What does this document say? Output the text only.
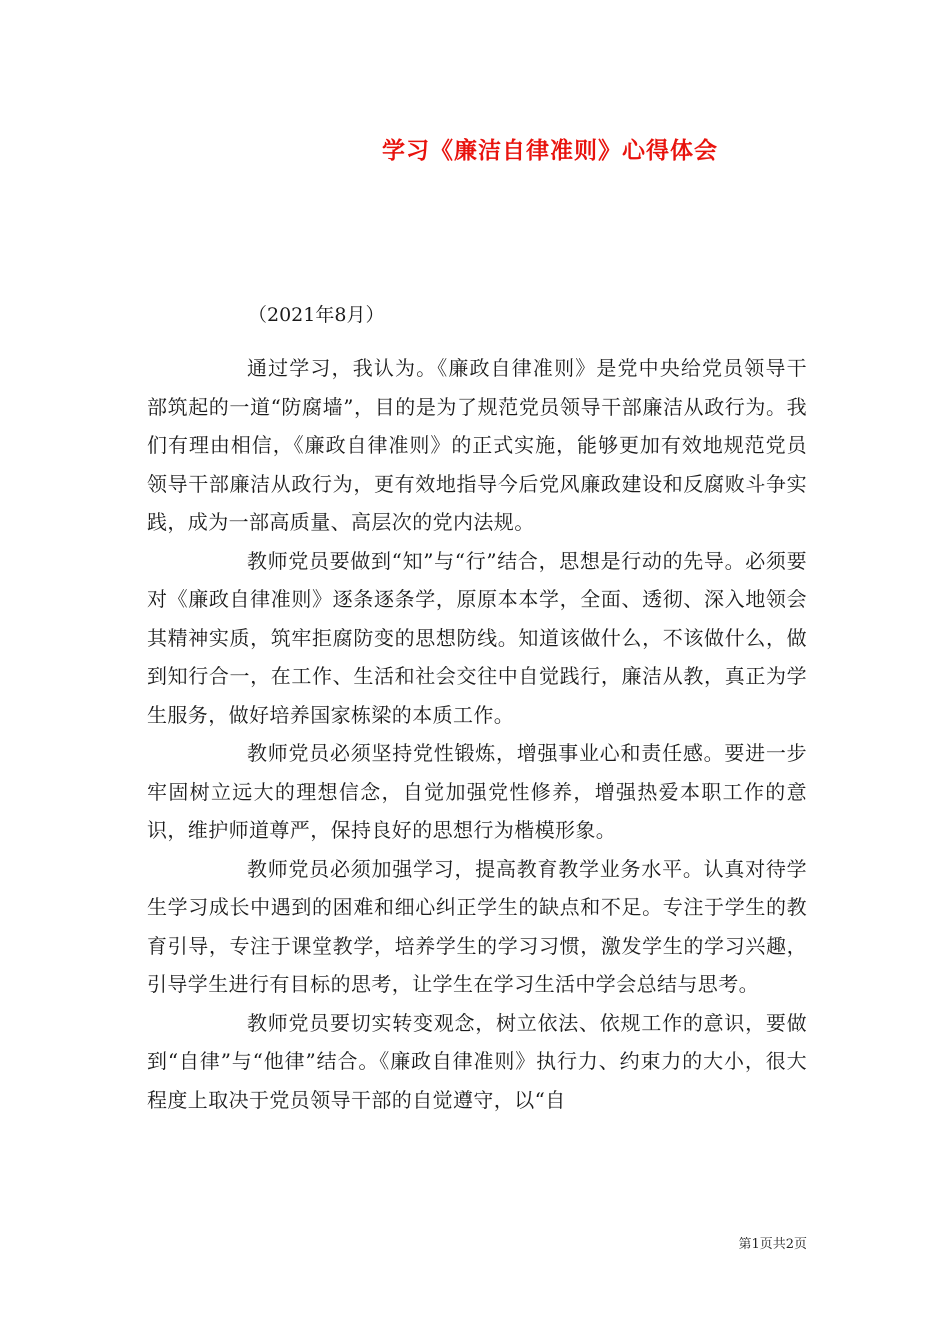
学习《廉洁自律准则》心得体会

（2021年8月）

通过学习，我认为。《廉政自律准则》是党中央给党员领导干部筑起的一道“防腐墙”，目的是为了规范党员领导干部廉洁从政行为。我们有理由相信，《廉政自律准则》的正式实施，能够更加有效地规范党员领导干部廉洁从政行为，更有效地指导今后党风廉政建设和反腐败斗争实践，成为一部高质量、高层次的党内法规。

教师党员要做到“知”与“行”结合，思想是行动的先导。必须要对《廉政自律准则》逐条逐条学，原原本本学，全面、透彻、深入地领会其精神实质，筑牢拒腐防变的思想防线。知道该做什么，不该做什么，做到知行合一，在工作、生活和社会交往中自觉践行，廉洁从教，真正为学生服务，做好培养国家栋梁的本质工作。

教师党员必须坚持党性锻炼，增强事业心和责任感。要进一步牢固树立远大的理想信念，自觉加强党性修养，增强热爱本职工作的意识，维护师道尊严，保持良好的思想行为楷模形象。

教师党员必须加强学习，提高教育教学业务水平。认真对待学生学习成长中遇到的困难和细心纠正学生的缺点和不足。专注于学生的教育引导，专注于课堂教学，培养学生的学习习惯，激发学生的学习兴趣，引导学生进行有目标的思考，让学生在学习生活中学会总结与思考。

教师党员要切实转变观念，树立依法、依规工作的意识，要做到“自律”与“他律”结合。《廉政自律准则》执行力、约束力的大小，很大程度上取决于党员领导干部的自觉遵守，以“自

第1页共2页
